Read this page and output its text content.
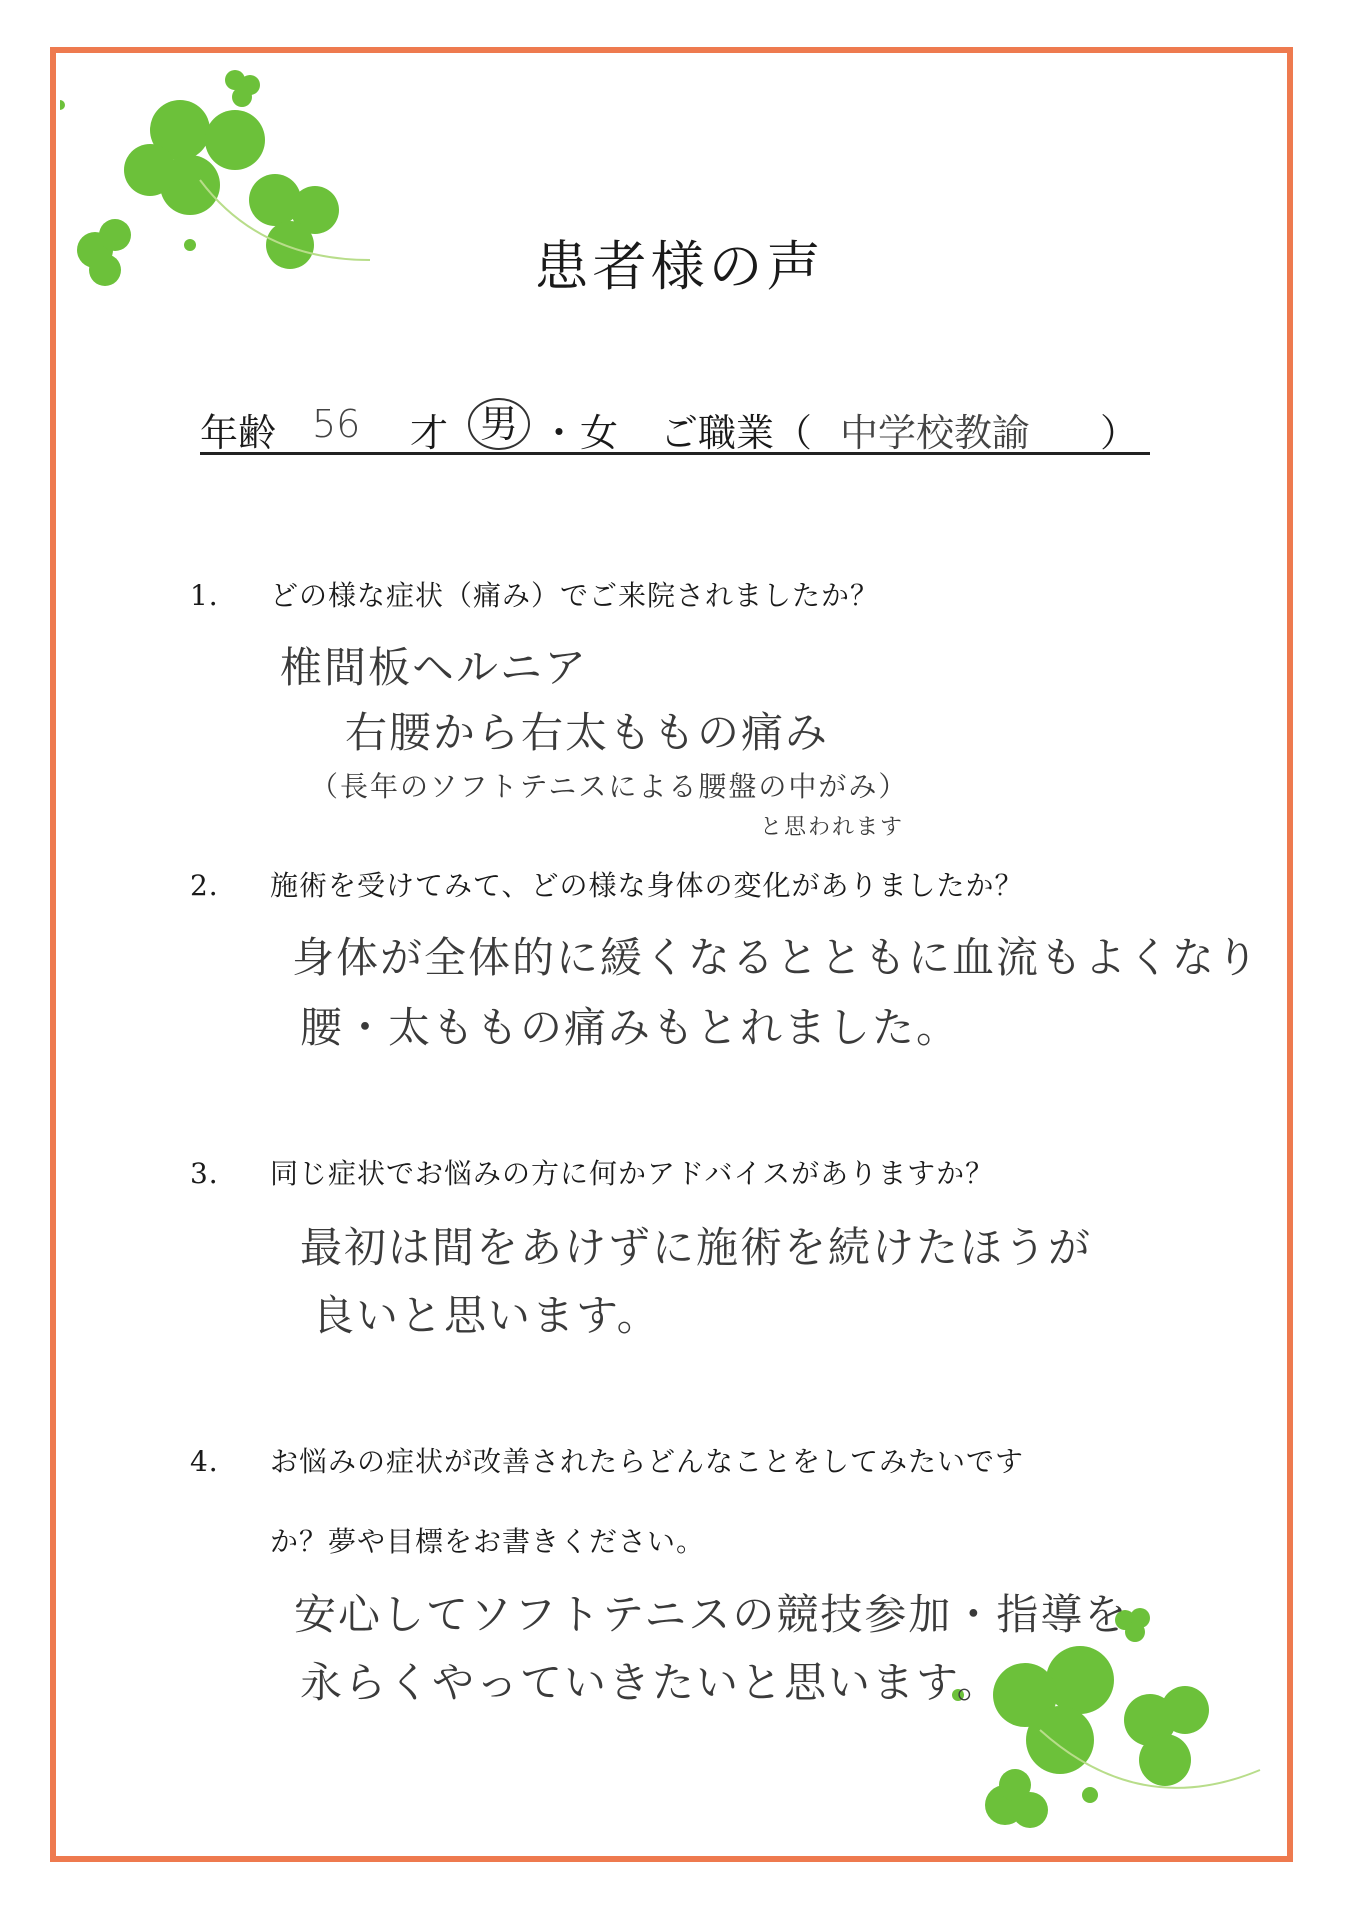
患者様の声
年齢 56 才 男 ・ 女 ご職業（ 中学校教諭 ）
1． どの様な症状（痛み）でご来院されましたか？
椎間板ヘルニア
右腰から右太ももの痛み
（長年のソフトテニスによる腰盤の中がみ）
と思われます
2． 施術を受けてみて、どの様な身体の変化がありましたか？
身体が全体的に緩くなるとともに血流もよくなり
腰・太ももの痛みもとれました。
3． 同じ症状でお悩みの方に何かアドバイスがありますか？
最初は間をあけずに施術を続けたほうが
良いと思います。
4． お悩みの症状が改善されたらどんなことをしてみたいです
か？夢や目標をお書きください。
安心してソフトテニスの競技参加・指導を
永らくやっていきたいと思います。
